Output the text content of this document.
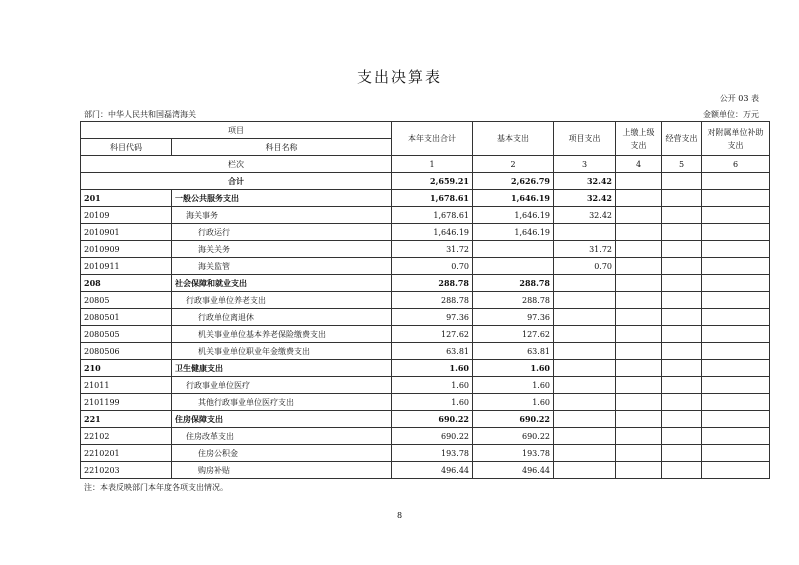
支出决算表
公开 03 表
部门：中华人民共和国磊湾海关	金额单位：万元
项目		本年支出合计	基本支出	项目支出	上缴上级支出	经营支出	对附属单位补助支出
科目代码	科目名称						
栏次		1	2	3	4	5	6
合计		2,659.21	2,626.79	32.42			
201	一般公共服务支出	1,678.61	1,646.19	32.42			
20109	海关事务	1,678.61	1,646.19	32.42			
2010901	行政运行	1,646.19	1,646.19				
2010909	海关关务	31.72		31.72			
2010911	海关监管	0.70		0.70			
208	社会保障和就业支出	288.78	288.78				
20805	行政事业单位养老支出	288.78	288.78				
2080501	行政单位离退休	97.36	97.36				
2080505	机关事业单位基本养老保险缴费支出	127.62	127.62				
2080506	机关事业单位职业年金缴费支出	63.81	63.81				
210	卫生健康支出	1.60	1.60				
21011	行政事业单位医疗	1.60	1.60				
2101199	其他行政事业单位医疗支出	1.60	1.60				
221	住房保障支出	690.22	690.22				
22102	住房改革支出	690.22	690.22				
2210201	住房公积金	193.78	193.78				
2210203	购房补贴	496.44	496.44				
注：本表反映部门本年度各项支出情况。
8
